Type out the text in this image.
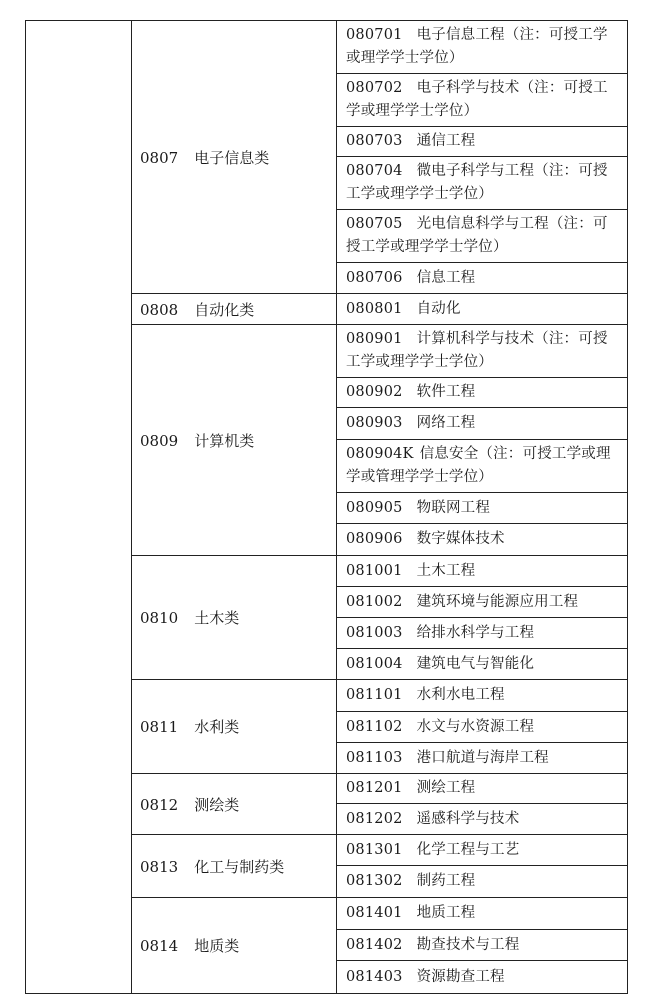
	0807 电子信息类	080701 电子信息工程（注：可授工学或理学学士学位）
		080702 电子科学与技术（注：可授工学或理学学士学位）
		080703 通信工程
		080704 微电子科学与工程（注：可授工学或理学学士学位）
		080705 光电信息科学与工程（注：可授工学或理学学士学位）
		080706 信息工程
	0808 自动化类	080801 自动化
	0809 计算机类	080901 计算机科学与技术（注：可授工学或理学学士学位）
		080902 软件工程
		080903 网络工程
		080904K 信息安全（注：可授工学或理学或管理学学士学位）
		080905 物联网工程
		080906 数字媒体技术
	0810 土木类	081001 土木工程
		081002 建筑环境与能源应用工程
		081003 给排水科学与工程
		081004 建筑电气与智能化
	0811 水利类	081101 水利水电工程
		081102 水文与水资源工程
		081103 港口航道与海岸工程
	0812 测绘类	081201 测绘工程
		081202 遥感科学与技术
	0813 化工与制药类	081301 化学工程与工艺
		081302 制药工程
	0814 地质类	081401 地质工程
		081402 勘查技术与工程
		081403 资源勘查工程
